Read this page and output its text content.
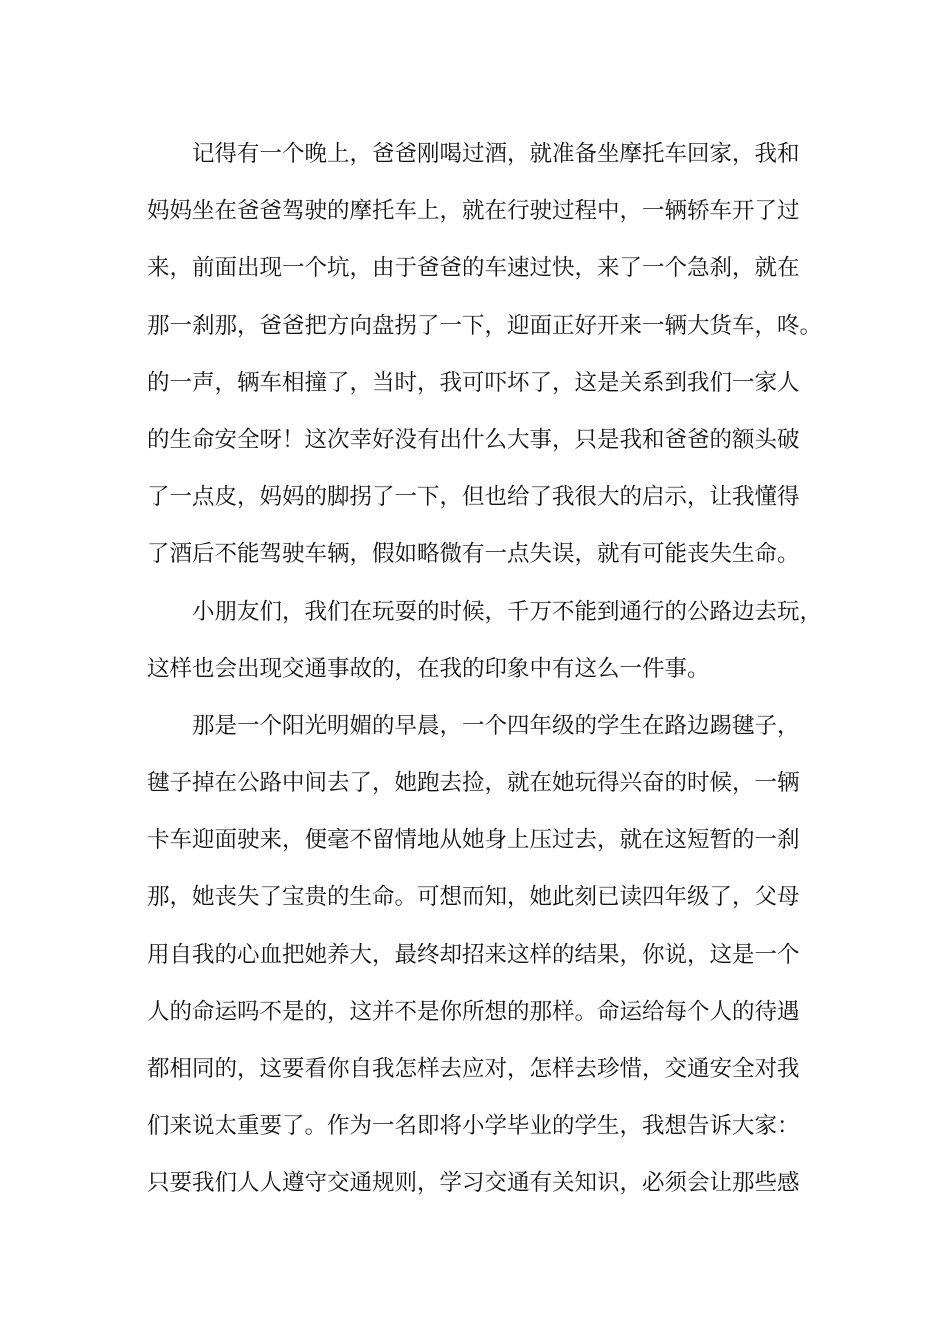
记得有一个晚上，爸爸刚喝过酒，就准备坐摩托车回家，我和
妈妈坐在爸爸驾驶的摩托车上，就在行驶过程中，一辆轿车开了过
来，前面出现一个坑，由于爸爸的车速过快，来了一个急刹，就在
那一刹那，爸爸把方向盘拐了一下，迎面正好开来一辆大货车，咚。
的一声，辆车相撞了，当时，我可吓坏了，这是关系到我们一家人
的生命安全呀！这次幸好没有出什么大事，只是我和爸爸的额头破
了一点皮，妈妈的脚拐了一下，但也给了我很大的启示，让我懂得
了酒后不能驾驶车辆，假如略微有一点失误，就有可能丧失生命。
小朋友们，我们在玩耍的时候，千万不能到通行的公路边去玩，
这样也会出现交通事故的，在我的印象中有这么一件事。
那是一个阳光明媚的早晨，一个四年级的学生在路边踢毽子，
毽子掉在公路中间去了，她跑去捡，就在她玩得兴奋的时候，一辆
卡车迎面驶来，便毫不留情地从她身上压过去，就在这短暂的一刹
那，她丧失了宝贵的生命。可想而知，她此刻已读四年级了，父母
用自我的心血把她养大，最终却招来这样的结果，你说，这是一个
人的命运吗不是的，这并不是你所想的那样。命运给每个人的待遇
都相同的，这要看你自我怎样去应对，怎样去珍惜，交通安全对我
们来说太重要了。作为一名即将小学毕业的学生，我想告诉大家：
只要我们人人遵守交通规则，学习交通有关知识，必须会让那些感
